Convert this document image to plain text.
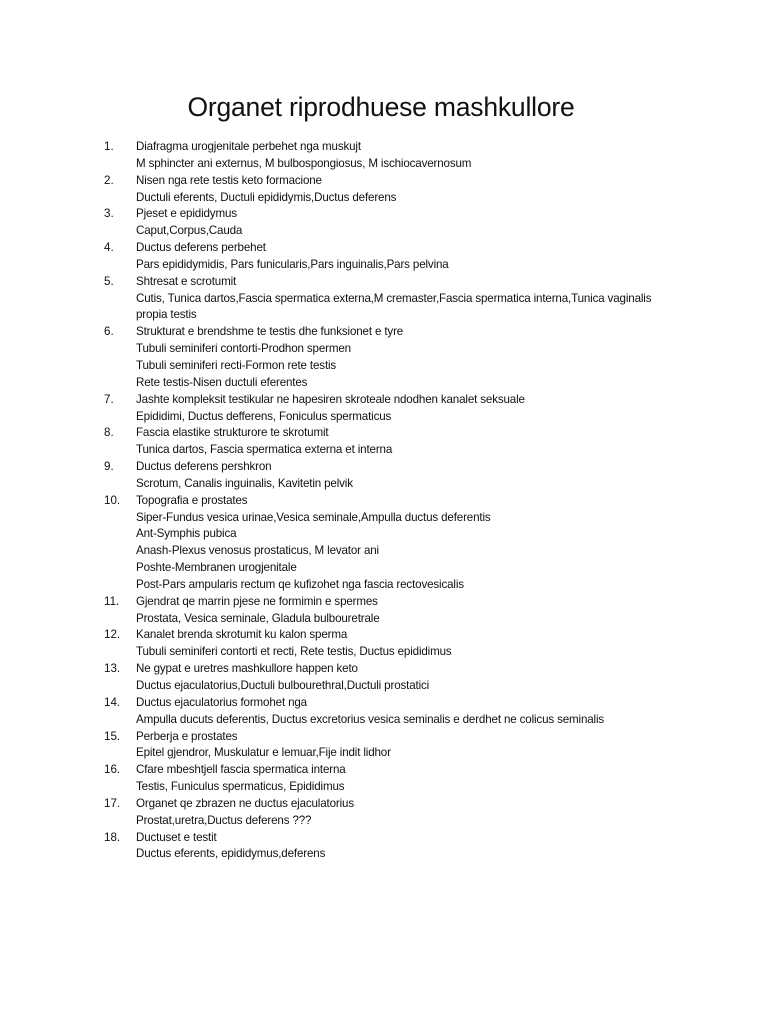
Organet riprodhuese mashkullore
1.	Diafragma urogjenitale perbehet nga muskujt
M sphincter ani externus, M bulbospongiosus, M ischiocavernosum
2.	Nisen nga rete testis keto formacione
Ductuli eferents, Ductuli epididymis,Ductus deferens
3.	Pjeset e epididymus
Caput,Corpus,Cauda
4.	Ductus deferens perbehet
Pars epididymidis, Pars funicularis,Pars inguinalis,Pars pelvina
5.	Shtresat e scrotumit
Cutis, Tunica dartos,Fascia spermatica externa,M cremaster,Fascia spermatica interna,Tunica vaginalis
propia testis
6.	Strukturat e brendshme te testis dhe funksionet e tyre
Tubuli seminiferi contorti-Prodhon spermen
Tubuli seminiferi recti-Formon rete testis
Rete testis-Nisen ductuli eferentes
7.	Jashte kompleksit testikular ne hapesiren skroteale ndodhen kanalet seksuale
Epididimi, Ductus defferens, Foniculus spermaticus
8.	Fascia elastike strukturore te skrotumit
Tunica dartos, Fascia spermatica externa et interna
9.	Ductus deferens pershkron
Scrotum, Canalis inguinalis, Kavitetin pelvik
10.	Topografia e prostates
Siper-Fundus vesica urinae,Vesica seminale,Ampulla ductus deferentis
Ant-Symphis pubica
Anash-Plexus venosus prostaticus, M levator ani
Poshte-Membranen urogjenitale
Post-Pars ampularis rectum qe kufizohet nga fascia rectovesicalis
11.	Gjendrat qe marrin pjese ne formimin e spermes
Prostata, Vesica seminale, Gladula bulbouretrale
12.	Kanalet brenda skrotumit ku kalon sperma
Tubuli seminiferi contorti et recti, Rete testis, Ductus epididimus
13.	Ne gypat e uretres mashkullore happen keto
Ductus ejaculatorius,Ductuli bulbourethral,Ductuli prostatici
14.	Ductus ejaculatorius formohet nga
Ampulla ducuts deferentis, Ductus excretorius vesica seminalis e derdhet ne colicus seminalis
15.	Perberja e prostates
Epitel gjendror, Muskulatur e lemuar,Fije indit lidhor
16.	Cfare mbeshtjell fascia spermatica interna
Testis, Funiculus spermaticus, Epididimus
17.	Organet qe zbrazen ne ductus ejaculatorius
Prostat,uretra,Ductus deferens ???
18.	Ductuset e testit
Ductus eferents, epididymus,deferens
